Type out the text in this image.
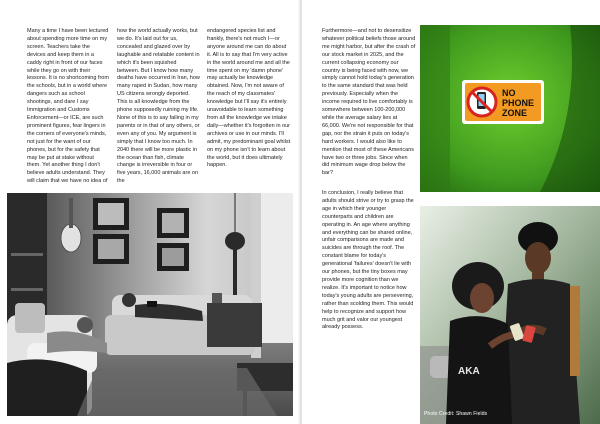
Many a time I have been lectured about spending more time on my screen. Teachers take the devices and keep them in a caddy right in front of our faces while they go on with their lessons. It is no shortcoming from the schools, but in a world where dangers such as school shootings, and dare I say Immigration and Customs Enforcement—or ICE, are such prominent figures, fear lingers in the corners of everyone's minds, not just for the want of our phones, but for the safety that may be put at stake without them. Yet another thing I don't believe adults understand. They will claim that we have no idea of

how the world actually works, but we do. It's laid out for us, concealed and glazed over by laughable and relatable content in which it's been squished between. But I know how many deaths have occurred in Iran, how many raped in Sudan, how many US citizens wrongly deported. This is all knowledge from the phone supposedly ruining my life. None of this is to say failing in my parents or in that of any others, or even any of you. My argument is simply that I know too much. In 2040 there will be more plastic in the ocean than fish, climate change is irreversible in four or five years, 16,000 animals are on the

endangered species list and frankly, there's not much I—or anyone around me can do about it. All is to say that I'm very active in the world around me and all the time spent on my 'damn phone' may actually be knowledge obtained. Now, I'm not aware of the reach of my classmates' knowledge but I'll say it's entirely unavoidable to learn something from all the knowledge we intake daily—whether it's forgotten in our archives or use in our minds. I'll admit, my predominant goal whilst on my phone isn't to learn about the world, but it does ultimately happen.

Furthermore—and not to desensitize whatever political beliefs those around me might harbor, but after the crash of our stock market in 2025, and the current collapsing economy our country is being faced with now, we simply cannot hold today's generation to the same standard that was held previously. Especially when the income required to live comfortably is somewhere between 100-200,000 while the average salary lies at 66,000. We're not responsible for that gap, nor the strain it puts on today's hard workers. I would also like to mention that most of these Americans have two or three jobs. Since when did minimum wage drop below the bar?

In conclusion, I really believe that adults should strive or try to grasp the age in which their younger counterparts and children are operating in. An age where anything and everything can be shared online, unfair comparisons are made and suicides are through the roof. The constant blame for today's generational 'failures' doesn't lie with our phones, but the tiny boxes may provide more cognition than we realize. It's important to notice how today's young adults are persevering, rather than scolding them. This would help to recognize and support how much grit and valor our youngest already possess.

NO
PHONE
ZONE
AKA
Photo Credit: Shawn Fields
